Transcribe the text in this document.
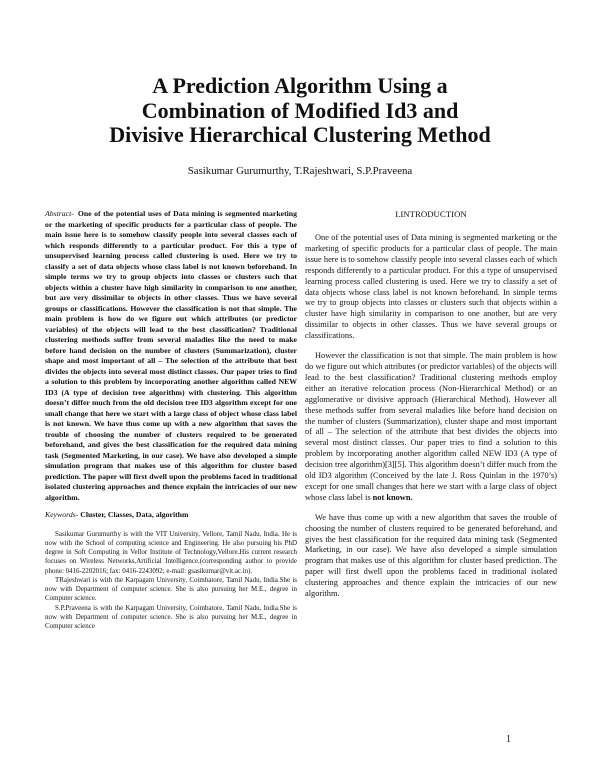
A Prediction Algorithm Using a
Combination of Modified Id3 and
Divisive Hierarchical Clustering Method

Sasikumar Gurumurthy, T.Rajeshwari, S.P.Praveena

Abstract- One of the potential uses of Data mining is segmented marketing or the marketing of specific products for a particular class of people. The main issue here is to somehow classify people into several classes each of which responds differently to a particular product. For this a type of unsupervised learning process called clustering is used. Here we try to classify a set of data objects whose class label is not known beforehand. In simple terms we try to group objects into classes or clusters such that objects within a cluster have high similarity in comparison to one another, but are very dissimilar to objects in other classes. Thus we have several groups or classifications. However the classification is not that simple. The main problem is how do we figure out which attributes (or predictor variables) of the objects will lead to the best classification? Traditional clustering methods suffer from several maladies like the need to make before hand decision on the number of clusters (Summarization), cluster shape and most important of all – The selection of the attribute that best divides the objects into several most distinct classes. Our paper tries to find a solution to this problem by incorporating another algorithm called NEW ID3 (A type of decision tree algorithm) with clustering. This algorithm doesn’t differ much from the old decision tree ID3 algorithm except for one small change that here we start with a large class of object whose class label is not known. We have thus come up with a new algorithm that saves the trouble of choosing the number of clusters required to be generated beforehand, and gives the best classification for the required data mining task (Segmented Marketing, in our case). We have also developed a simple simulation program that makes use of this algorithm for cluster based prediction. The paper will first dwell upon the problems faced in traditional isolated clustering approaches and thence explain the intricacies of our new algorithm.

Keywords- Cluster, Classes, Data, algorithm

Sasikumar Gurumurthy is with the VIT University, Vellore, Tamil Nadu, India. He is now with the School of computing science and Engineering. He also pursuing his PhD degree in Soft Computing in Vellor Institute of Technology,Vellore.His current research focuses on Wireless Networks,Artificial Intelligence.(corresponding author to provide phone: 0416-2202016; fax: 0416-2243092; e-mail: gsasikumar@vit.ac.in).

TRajeshwari is with the Karpagam University, Coimbatore, Tamil Nadu, India.She is now with Department of computer science. She is also pursuing her M.E., degree in Computer science.

S.P.Praveena is with the Karpagam University, Coimbatore, Tamil Nadu, India.She is now with Department of computer science. She is also pursuing her M.E., degree in Computer science

I.INTRODUCTION

One of the potential uses of Data mining is segmented marketing or the marketing of specific products for a particular class of people. The main issue here is to somehow classify people into several classes each of which responds differently to a particular product. For this a type of unsupervised learning process called clustering is used. Here we try to classify a set of data objects whose class label is not known beforehand. In simple terms we try to group objects into classes or clusters such that objects within a cluster have high similarity in comparison to one another, but are very dissimilar to objects in other classes. Thus we have several groups or classifications.

However the classification is not that simple. The main problem is how do we figure out which attributes (or predictor variables) of the objects will lead to the best classification? Traditional clustering methods employ either an iterative relocation process (Non-Hierarchical Method) or an agglomerative or divisive approach (Hierarchical Method). However all these methods suffer from several maladies like before hand decision on the number of clusters (Summarization), cluster shape and most important of all – The selection of the attribute that best divides the objects into several most distinct classes. Our paper tries to find a solution to this problem by incorporating another algorithm called NEW ID3 (A type of decision tree algorithm)[3][5]. This algorithm doesn’t differ much from the old ID3 algorithm (Conceived by the late J. Ross Quinlan in the 1970’s) except for one small changes that here we start with a large class of object whose class label is not known.

We have thus come up with a new algorithm that saves the trouble of choosing the number of clusters required to be generated beforehand, and gives the best classification for the required data mining task (Segmented Marketing, in our case). We have also developed a simple simulation program that makes use of this algorithm for cluster based prediction. The paper will first dwell upon the problems faced in traditional isolated clustering approaches and thence explain the intricacies of our new algorithm.

1
